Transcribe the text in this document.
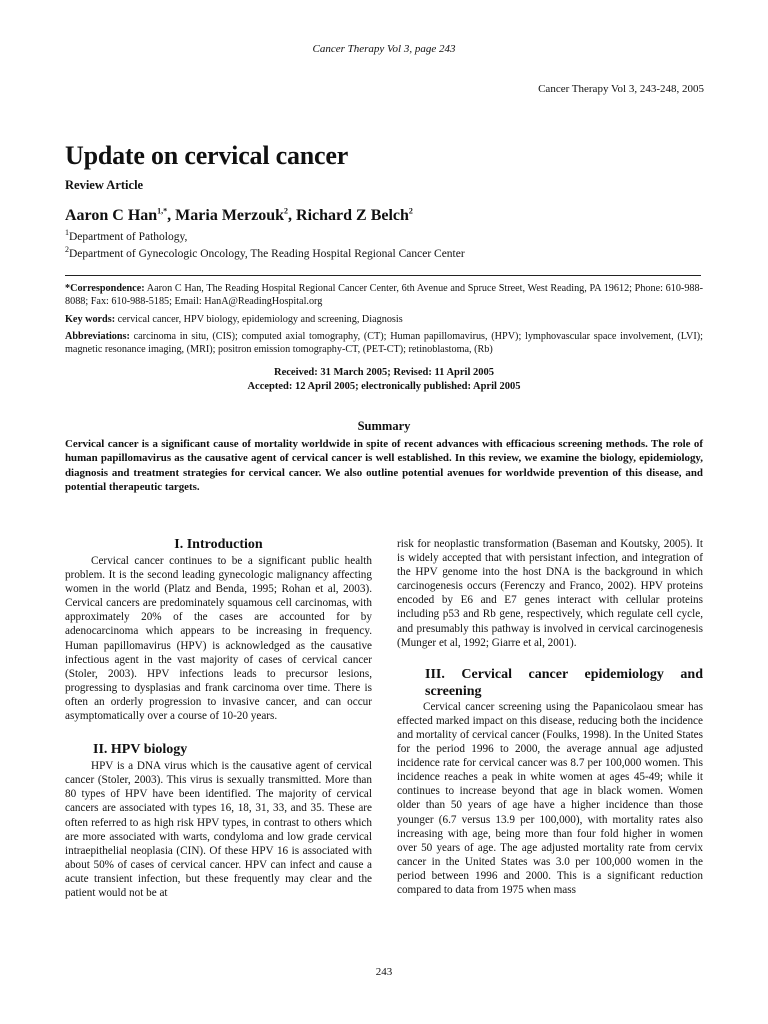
Cancer Therapy Vol 3, page 243
Cancer Therapy Vol 3, 243-248, 2005
Update on cervical cancer
Review Article
Aaron C Han$^{1,*}$, Maria Merzouk$^2$, Richard Z Belch$^2$
$^1$Department of Pathology,
$^2$Department of Gynecologic Oncology, The Reading Hospital Regional Cancer Center
*Correspondence: Aaron C Han, The Reading Hospital Regional Cancer Center, 6th Avenue and Spruce Street, West Reading, PA 19612; Phone: 610-988-8088; Fax: 610-988-5185; Email: HanA@ReadingHospital.org
Key words: cervical cancer, HPV biology, epidemiology and screening, Diagnosis
Abbreviations: carcinoma in situ, (CIS); computed axial tomography, (CT); Human papillomavirus, (HPV); lymphovascular space involvement, (LVI); magnetic resonance imaging, (MRI); positron emission tomography-CT, (PET-CT); retinoblastoma, (Rb)
Received: 31 March 2005; Revised: 11 April 2005
Accepted: 12 April 2005; electronically published: April 2005
Summary
Cervical cancer is a significant cause of mortality worldwide in spite of recent advances with efficacious screening methods. The role of human papillomavirus as the causative agent of cervical cancer is well established. In this review, we examine the biology, epidemiology, diagnosis and treatment strategies for cervical cancer. We also outline potential avenues for worldwide prevention of this disease, and potential therapeutic targets.
I. Introduction

Cervical cancer continues to be a significant public health problem. It is the second leading gynecologic malignancy affecting women in the world (Platz and Benda, 1995; Rohan et al, 2003). Cervical cancers are predominately squamous cell carcinomas, with approximately 20% of the cases are accounted for by adenocarcinoma which appears to be increasing in frequency. Human papillomavirus (HPV) is acknowledged as the causative infectious agent in the vast majority of cases of cervical cancer (Stoler, 2003). HPV infections leads to precursor lesions, progressing to dysplasias and frank carcinoma over time. There is often an orderly progression to invasive cancer, and can occur asymptomatically over a course of 10-20 years.

II. HPV biology

HPV is a DNA virus which is the causative agent of cervical cancer (Stoler, 2003). This virus is sexually transmitted. More than 80 types of HPV have been identified. The majority of cervical cancers are associated with types 16, 18, 31, 33, and 35. These are often referred to as high risk HPV types, in contrast to others which are more associated with warts, condyloma and low grade cervical intraepithelial neoplasia (CIN). Of these HPV 16 is associated with about 50% of cases of cervical cancer. HPV can infect and cause a acute transient infection, but these frequently may clear and the patient would not be at

risk for neoplastic transformation (Baseman and Koutsky, 2005). It is widely accepted that with persistant infection, and integration of the HPV genome into the host DNA is the background in which carcinogenesis occurs (Ferenczy and Franco, 2002). HPV proteins encoded by E6 and E7 genes interact with cellular proteins including p53 and Rb gene, respectively, which regulate cell cycle, and presumably this pathway is involved in cervical carcinogenesis (Munger et al, 1992; Giarre et al, 2001).

III. Cervical cancer epidemiology and screening

Cervical cancer screening using the Papanicolaou smear has effected marked impact on this disease, reducing both the incidence and mortality of cervical cancer (Foulks, 1998). In the United States for the period 1996 to 2000, the average annual age adjusted incidence rate for cervical cancer was 8.7 per 100,000 women. This incidence reaches a peak in white women at ages 45-49; while it continues to increase beyond that age in black women. Women older than 50 years of age have a higher incidence than those younger (6.7 versus 13.9 per 100,000), with mortality rates also increasing with age, being more than four fold higher in women over 50 years of age. The age adjusted mortality rate from cervix cancer in the United States was 3.0 per 100,000 women in the period between 1996 and 2000. This is a significant reduction compared to data from 1975 when mass

243
